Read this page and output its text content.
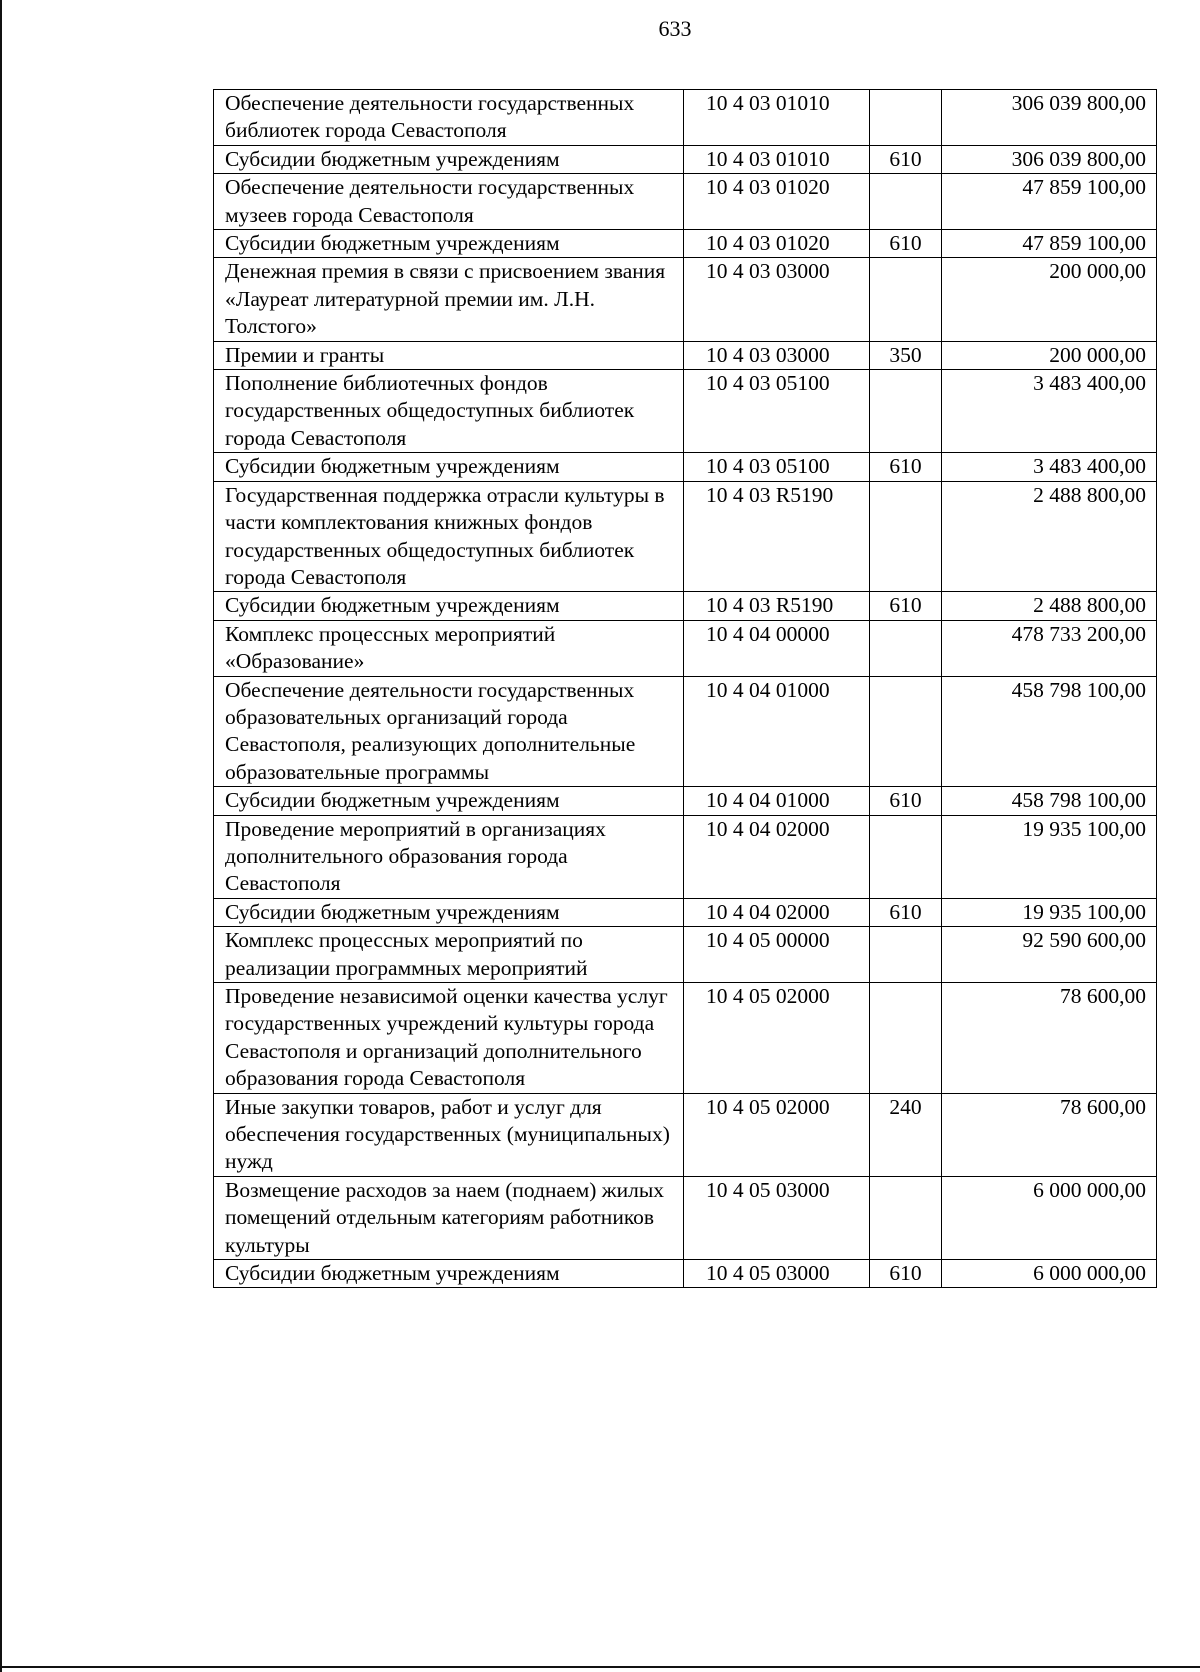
633
Обеспечение деятельности государственных библиотек города Севастополя	10 4 03 01010		306 039 800,00
Субсидии бюджетным учреждениям	10 4 03 01010	610	306 039 800,00
Обеспечение деятельности государственных музеев города Севастополя	10 4 03 01020		47 859 100,00
Субсидии бюджетным учреждениям	10 4 03 01020	610	47 859 100,00
Денежная премия в связи с присвоением звания «Лауреат литературной премии им. Л.Н. Толстого»	10 4 03 03000		200 000,00
Премии и гранты	10 4 03 03000	350	200 000,00
Пополнение библиотечных фондов государственных общедоступных библиотек города Севастополя	10 4 03 05100		3 483 400,00
Субсидии бюджетным учреждениям	10 4 03 05100	610	3 483 400,00
Государственная поддержка отрасли культуры в части комплектования книжных фондов государственных общедоступных библиотек города Севастополя	10 4 03 R5190		2 488 800,00
Субсидии бюджетным учреждениям	10 4 03 R5190	610	2 488 800,00
Комплекс процессных мероприятий «Образование»	10 4 04 00000		478 733 200,00
Обеспечение деятельности государственных образовательных организаций города Севастополя, реализующих дополнительные образовательные программы	10 4 04 01000		458 798 100,00
Субсидии бюджетным учреждениям	10 4 04 01000	610	458 798 100,00
Проведение мероприятий в организациях дополнительного образования города Севастополя	10 4 04 02000		19 935 100,00
Субсидии бюджетным учреждениям	10 4 04 02000	610	19 935 100,00
Комплекс процессных мероприятий по реализации программных мероприятий	10 4 05 00000		92 590 600,00
Проведение независимой оценки качества услуг государственных учреждений культуры города Севастополя и организаций дополнительного образования города Севастополя	10 4 05 02000		78 600,00
Иные закупки товаров, работ и услуг для обеспечения государственных (муниципальных) нужд	10 4 05 02000	240	78 600,00
Возмещение расходов за наем (поднаем) жилых помещений отдельным категориям работников культуры	10 4 05 03000		6 000 000,00
Субсидии бюджетным учреждениям	10 4 05 03000	610	6 000 000,00
